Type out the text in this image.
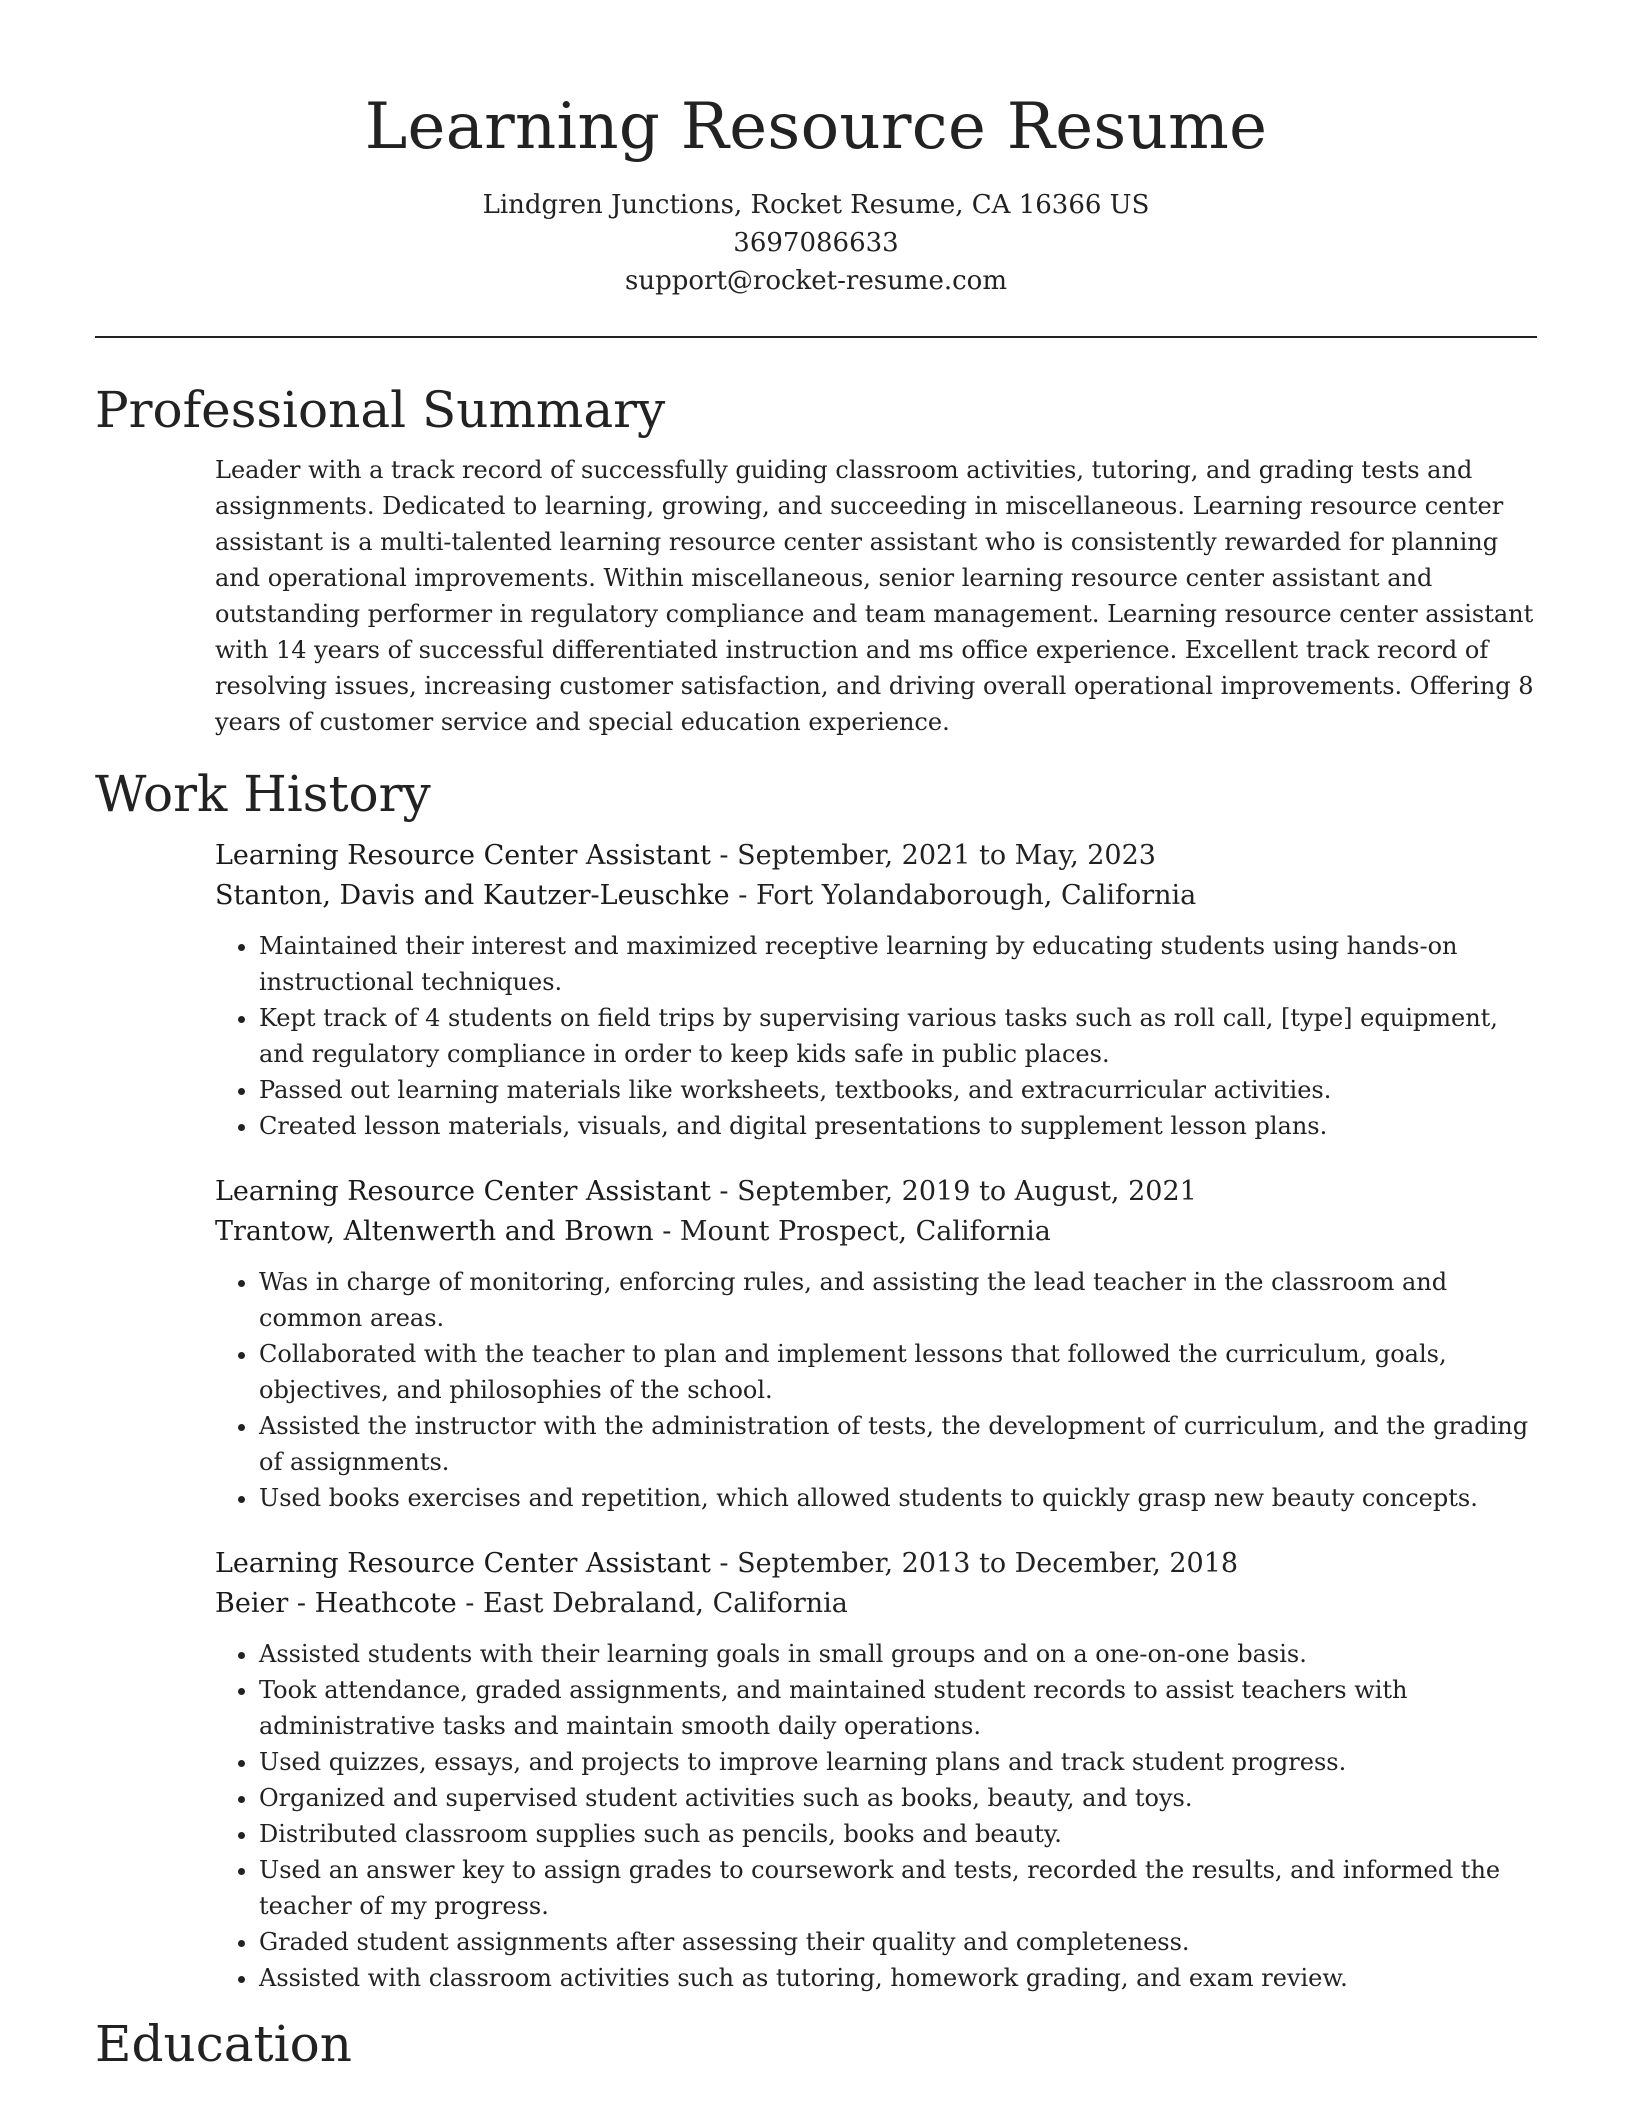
Learning Resource Resume
Lindgren Junctions, Rocket Resume, CA 16366 US
3697086633
support@rocket-resume.com
Professional Summary

Leader with a track record of successfully guiding classroom activities, tutoring, and grading tests and assignments. Dedicated to learning, growing, and succeeding in miscellaneous. Learning resource center assistant is a multi-talented learning resource center assistant who is consistently rewarded for planning and operational improvements. Within miscellaneous, senior learning resource center assistant and outstanding performer in regulatory compliance and team management. Learning resource center assistant with 14 years of successful differentiated instruction and ms office experience. Excellent track record of resolving issues, increasing customer satisfaction, and driving overall operational improvements. Offering 8 years of customer service and special education experience.

Work History
Learning Resource Center Assistant - September, 2021 to May, 2023
Stanton, Davis and Kautzer-Leuschke - Fort Yolandaborough, California
• Maintained their interest and maximized receptive learning by educating students using hands-on instructional techniques.
• Kept track of 4 students on field trips by supervising various tasks such as roll call, [type] equipment, and regulatory compliance in order to keep kids safe in public places.
• Passed out learning materials like worksheets, textbooks, and extracurricular activities.
• Created lesson materials, visuals, and digital presentations to supplement lesson plans.
Learning Resource Center Assistant - September, 2019 to August, 2021
Trantow, Altenwerth and Brown - Mount Prospect, California
• Was in charge of monitoring, enforcing rules, and assisting the lead teacher in the classroom and common areas.
• Collaborated with the teacher to plan and implement lessons that followed the curriculum, goals, objectives, and philosophies of the school.
• Assisted the instructor with the administration of tests, the development of curriculum, and the grading of assignments.
• Used books exercises and repetition, which allowed students to quickly grasp new beauty concepts.
Learning Resource Center Assistant - September, 2013 to December, 2018
Beier - Heathcote - East Debraland, California
• Assisted students with their learning goals in small groups and on a one-on-one basis.
• Took attendance, graded assignments, and maintained student records to assist teachers with administrative tasks and maintain smooth daily operations.
• Used quizzes, essays, and projects to improve learning plans and track student progress.
• Organized and supervised student activities such as books, beauty, and toys.
• Distributed classroom supplies such as pencils, books and beauty.
• Used an answer key to assign grades to coursework and tests, recorded the results, and informed the teacher of my progress.
• Graded student assignments after assessing their quality and completeness.
• Assisted with classroom activities such as tutoring, homework grading, and exam review.
Education
